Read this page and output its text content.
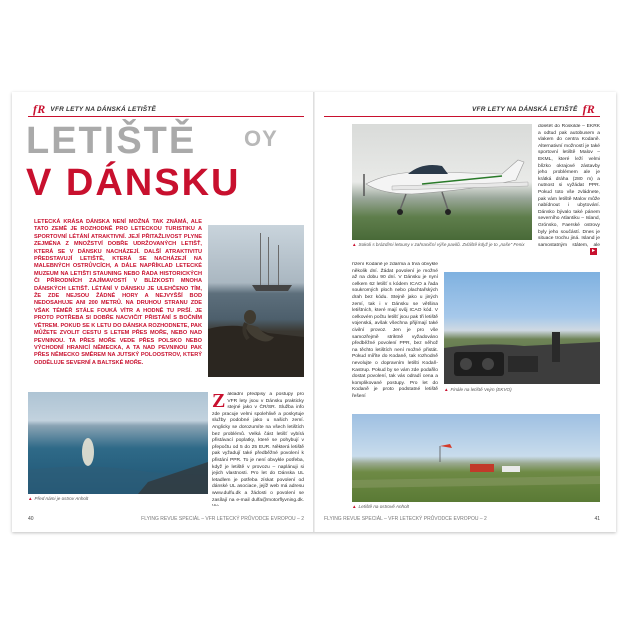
fR VFR LETY NA DÁNSKÁ LETIŠTĚ
LETIŠTĚ
V DÁNSKU
OY
LETECKÁ KRÁSA DÁNSKA NENÍ MOŽNÁ TAK ZNÁMÁ, ALE TATO ZEMĚ JE ROZHODNĚ PRO LETECKOU TURISTIKU A SPORTOVNÍ LÉTÁNÍ ATRAKTIVNÍ. JEJÍ PŘITAŽLIVOST PLYNE ZEJMÉNA Z MNOŽSTVÍ DOBŘE UDRŽOVANÝCH LETIŠŤ, KTERÁ SE V DÁNSKU NACHÁZEJÍ. DALŠÍ ATRAKTIVITU PŘEDSTAVUJÍ LETIŠTĚ, KTERÁ SE NACHÁZEJÍ NA MALEBNÝCH OSTRŮVCÍCH, A DÁLE NAPŘÍKLAD LETECKÉ MUZEUM NA LETIŠTI STAUNING NEBO ŘADA HISTORICKÝCH ČI PŘÍRODNÍCH ZAJÍMAVOSTÍ V BLÍZKOSTI MNOHA DÁNSKÝCH LETIŠŤ. LÉTÁNÍ V DÁNSKU JE ULEHČENO TÍM, ŽE ZDE NEJSOU ŽÁDNÉ HORY A NEJVYŠŠÍ BOD NEDOSAHUJE ANI 200 METRŮ. NA DRUHOU STRANU ZDE VŠAK TÉMĚŘ STÁLE FOUKÁ VÍTR A HODNĚ TU PRŠÍ. JE PROTO POTŘEBA SI DOBŘE NACVIČIT PŘISTÁNÍ S BOČNÍM VĚTREM. POKUD SE K LETU DO DÁNSKA ROZHODNETE, PAK MŮŽETE ZVOLIT CESTU S LETEM PŘES MOŘE, NEBO NAD PEVNINOU. TA PŘES MOŘE VEDE PŘES POLSKO NEBO VÝCHODNÍ HRANICÍ NĚMECKA, A TA NAD PEVNINOU PAK PŘES NĚMECKO SMĚREM NA JUTSKÝ POLOOSTROV, KTERÝ ODDĚLUJE SEVERNÍ A BALTSKÉ MOŘE.
▲ Před námi je ostrov Anholt
Základní předpisy a postupy pro VFR lety jsou v Dánsku prakticky stejné jako v ČR/SR. Služba info zde pracuje velmi spolehlivě a poskytuje služby podobné jako u našich zemí. Anglicky se dorozumíte na všech letištích bez problémů. Velká část letišť vybírá přistávací poplatky, které se pohybují v přepočtu od 5 do 25 EUR. Některá letiště pak vyžadují také předběžné povolení k přistání PPR. To je není obvykle potřeba, když je letiště v provozu – naplánuji si jejich vlastnosti. Pro let do Dánska UL letadlem je potřeba získat povolení od dánské UL asociace, jejíž web má adresu www.dulfu.dk a žádosti o povolení se zasílají na e-mail dulfa@motorflyvning.dk.
40	FLYING REVUE SPECIÁL – VFR LETECKÝ PRŮVODCE EVROPOU – 2
VFR LETY NA DÁNSKÁ LETIŠTĚ fR
▲ Sokoli s brázdími letouny v zahraniční výše pavilů. Zvláště když je to „naše" Fenix
doletět do Roskilde – EKRK a odtud pak autobusem a vlakem do centra Kodaně. Alternativní možností je také sportovní letiště Malov – EKML, které leží velmi blízko okrajové zástavby jeho problémem ale je krátká dráha (280 m) a nutnost si vyžádat PPR. Pokud toto vše zvládnete, pak vám letiště Malov může nabídnout i ubytování. Dánsko bývalo také pánem severního Atlantiku – Island, Grónsko, Faerské ostrovy byly jeho součástí. Dnes je situace trochu jiná. Island je samostatným státem, ale
▸
řízení Kodaně je zdarma a trvá obvykle několik dní. Žádat povolení je možné až na dobu 90 dní. V Dánsku je nyní celkem 62 letišť s kódem ICAO a řada soukromých ploch nebo plachtařských drah bez kódu. Stejně jako u jiných zemí, tak i v Dánsku se většina letištních, které mají svůj ICAO kód. V celkovém počtu letišť jsou pak tři letiště vojenská, avšak všechna přijímají také civilní provoz. Jen je pro vše samozřejmě striktně vyžadováno předběžné povolení PPR, bez něhož na těchto letištích není možné přistát. Pokud míříte do Kodaně, tak rozhodně nevolujte o dopravním letišti Kodaň-Kastrup. Pokud by se vám zde podařilo dostat povolení, tak vás odradí cena a komplikované postupy. Pro let do Kodaně je proto podstatné letiště řešení
▲ Finále na letiště Vejrn (EKVO)
▲ Letiště na ostrově Anholt
FLYING REVUE SPECIÁL – VFR LETECKÝ PRŮVODCE EVROPOU – 2	41
